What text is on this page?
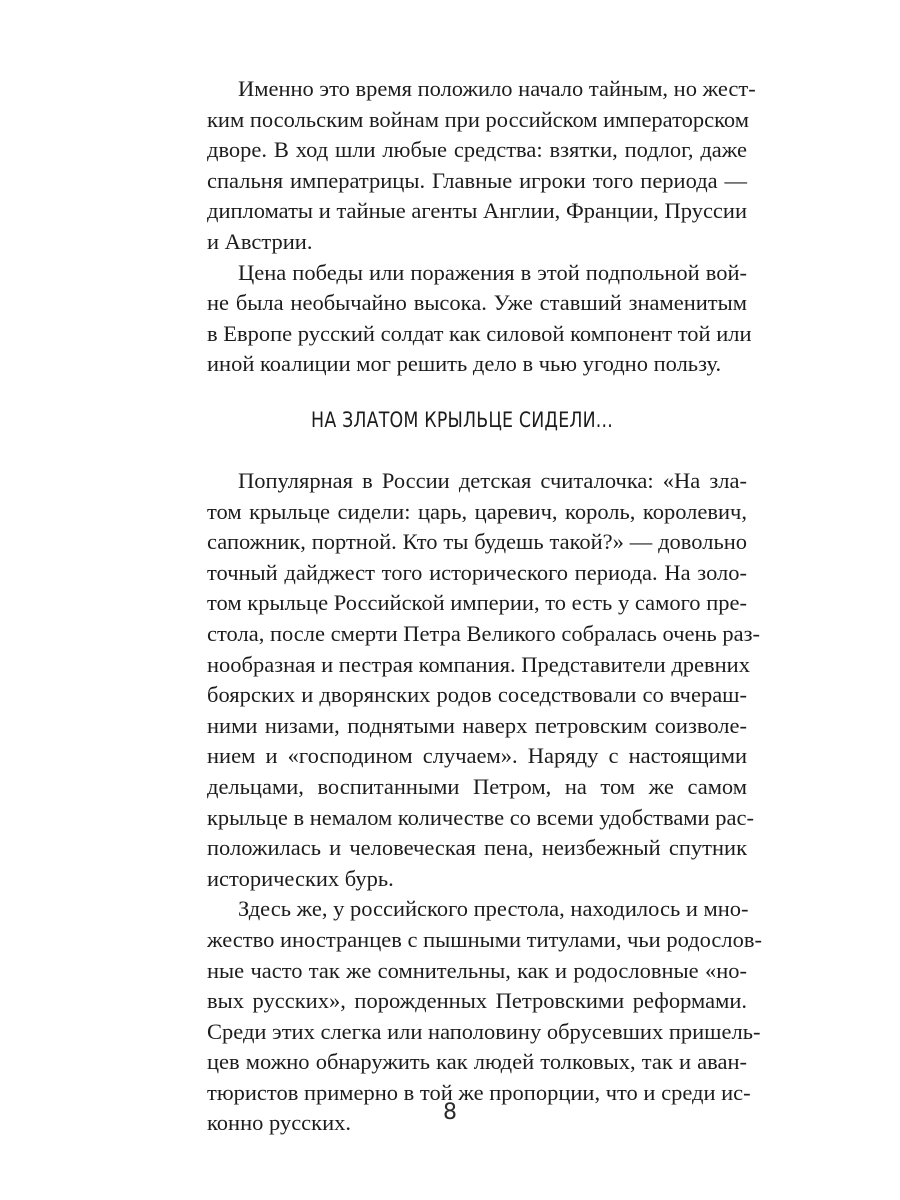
Именно это время положило начало тайным, но жест-
ким посольским войнам при российском императорском
дворе. В ход шли любые средства: взятки, подлог, даже
спальня императрицы. Главные игроки того периода —
дипломаты и тайные агенты Англии, Франции, Пруссии
и Австрии.
Цена победы или поражения в этой подпольной вой-
не была необычайно высока. Уже ставший знаменитым
в Европе русский солдат как силовой компонент той или
иной коалиции мог решить дело в чью угодно пользу.
НА ЗЛАТОМ КРЫЛЬЦЕ СИДЕЛИ...
Популярная в России детская считалочка: «На зла-
том крыльце сидели: царь, царевич, король, королевич,
сапожник, портной. Кто ты будешь такой?» — довольно
точный дайджест того исторического периода. На золо-
том крыльце Российской империи, то есть у самого пре-
стола, после смерти Петра Великого собралась очень раз-
нообразная и пестрая компания. Представители древних
боярских и дворянских родов соседствовали со вчераш-
ними низами, поднятыми наверх петровским соизволе-
нием и «господином случаем». Наряду с настоящими
дельцами, воспитанными Петром, на том же самом
крыльце в немалом количестве со всеми удобствами рас-
положилась и человеческая пена, неизбежный спутник
исторических бурь.
Здесь же, у российского престола, находилось и мно-
жество иностранцев с пышными титулами, чьи родослов-
ные часто так же сомнительны, как и родословные «но-
вых русских», порожденных Петровскими реформами.
Среди этих слегка или наполовину обрусевших пришель-
цев можно обнаружить как людей толковых, так и аван-
тюристов примерно в той же пропорции, что и среди ис-
конно русских.	8
